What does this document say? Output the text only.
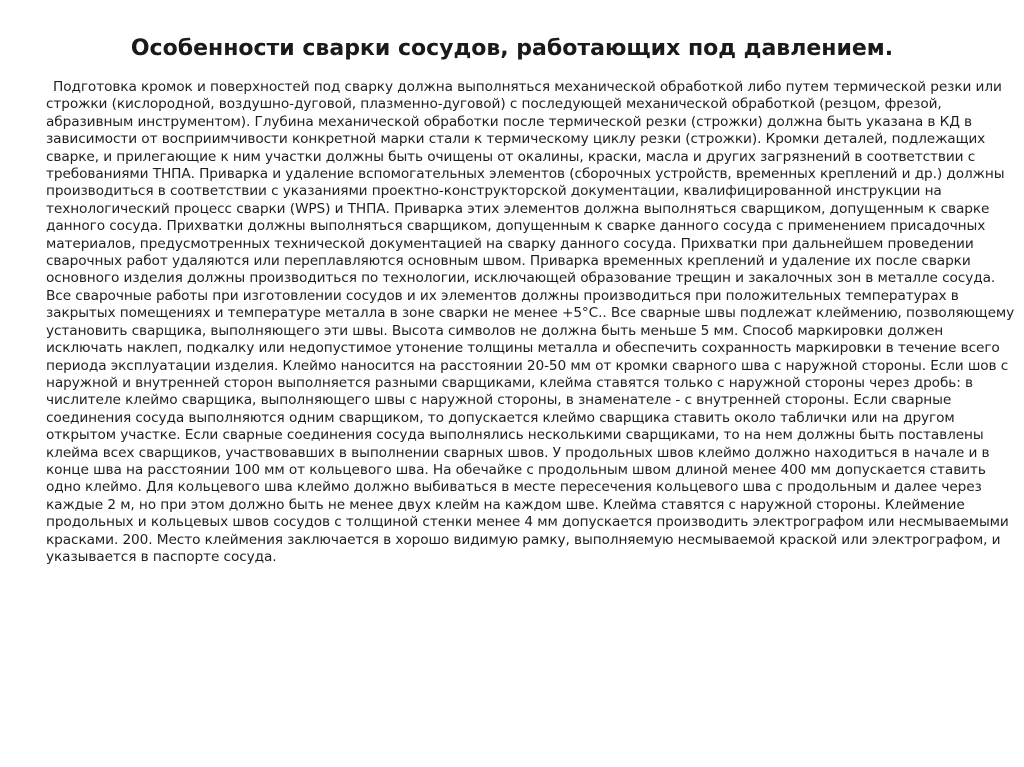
Особенности сварки сосудов, работающих под давлением.

Подготовка кромок и поверхностей под сварку должна выполняться механической обработкой либо путем термической резки или строжки (кислородной, воздушно-дуговой, плазменно-дуговой) с последующей механической обработкой (резцом, фрезой, абразивным инструментом). Глубина механической обработки после термической резки (строжки) должна быть указана в КД в зависимости от восприимчивости конкретной марки стали к термическому циклу резки (строжки). Кромки деталей, подлежащих сварке, и прилегающие к ним участки должны быть очищены от окалины, краски, масла и других загрязнений в соответствии с требованиями ТНПА. Приварка и удаление вспомогательных элементов (сборочных устройств, временных креплений и др.) должны производиться в соответствии с указаниями проектно-конструкторской документации, квалифицированной инструкции на технологический процесс сварки (WPS) и ТНПА. Приварка этих элементов должна выполняться сварщиком, допущенным к сварке данного сосуда. Прихватки должны выполняться сварщиком, допущенным к сварке данного сосуда с применением присадочных материалов, предусмотренных технической документацией на сварку данного сосуда. Прихватки при дальнейшем проведении сварочных работ удаляются или переплавляются основным швом. Приварка временных креплений и удаление их после сварки основного изделия должны производиться по технологии, исключающей образование трещин и закалочных зон в металле сосуда. Все сварочные работы при изготовлении сосудов и их элементов должны производиться при положительных температурах в закрытых помещениях и температуре металла в зоне сварки не менее +5°С.. Все сварные швы подлежат клеймению, позволяющему установить сварщика, выполняющего эти швы. Высота символов не должна быть меньше 5 мм. Способ маркировки должен исключать наклеп, подкалку или недопустимое утонение толщины металла и обеспечить сохранность маркировки в течение всего периода эксплуатации изделия. Клеймо наносится на расстоянии 20-50 мм от кромки сварного шва с наружной стороны. Если шов с наружной и внутренней сторон выполняется разными сварщиками, клейма ставятся только с наружной стороны через дробь: в числителе клеймо сварщика, выполняющего швы с наружной стороны, в знаменателе - с внутренней стороны. Если сварные соединения сосуда выполняются одним сварщиком, то допускается клеймо сварщика ставить около таблички или на другом открытом участке. Если сварные соединения сосуда выполнялись несколькими сварщиками, то на нем должны быть поставлены клейма всех сварщиков, участвовавших в выполнении сварных швов. У продольных швов клеймо должно находиться в начале и в конце шва на расстоянии 100 мм от кольцевого шва. На обечайке с продольным швом длиной менее 400 мм допускается ставить одно клеймо. Для кольцевого шва клеймо должно выбиваться в месте пересечения кольцевого шва с продольным и далее через каждые 2 м, но при этом должно быть не менее двух клейм на каждом шве. Клейма ставятся с наружной стороны. Клеймение продольных и кольцевых швов сосудов с толщиной стенки менее 4 мм допускается производить электрографом или несмываемыми красками. 200. Место клеймения заключается в хорошо видимую рамку, выполняемую несмываемой краской или электрографом, и указывается в паспорте сосуда.
